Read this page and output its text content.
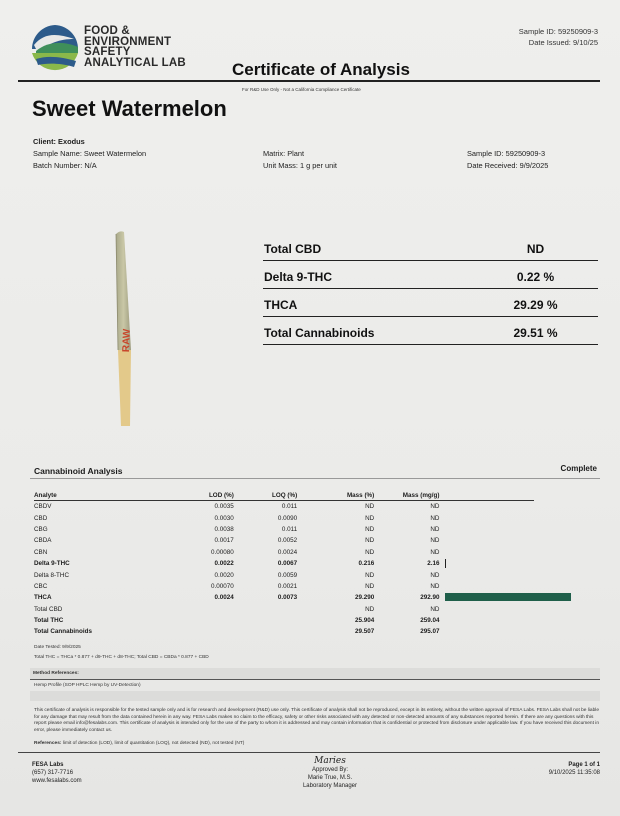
FOOD &
ENVIRONMENT
SAFETY
ANALYTICAL LAB
Sample ID: 59250909-3
Date Issued: 9/10/25
Certificate of Analysis
For R&D Use Only - Not a California Compliance Certificate
Sweet Watermelon
Client: Exodus
Sample Name: Sweet Watermelon
Batch Number: N/A
Matrix: Plant
Unit Mass: 1 g per unit
Sample ID: 59250909-3
Date Received: 9/9/2025
RAW
Total CBD	ND
Delta 9-THC	0.22 %
THCA	29.29 %
Total Cannabinoids	29.51 %
Cannabinoid Analysis	Complete
Analyte	LOD (%)	LOQ (%)	Mass (%)	Mass (mg/g)	
CBDV	0.0035	0.011	ND	ND	
CBD	0.0030	0.0090	ND	ND	
CBG	0.0038	0.011	ND	ND	
CBDA	0.0017	0.0052	ND	ND	
CBN	0.00080	0.0024	ND	ND	
Delta 9-THC	0.0022	0.0067	0.216	2.16	

Delta 8-THC	0.0020	0.0059	ND	ND	
CBC	0.00070	0.0021	ND	ND	
THCA	0.0024	0.0073	29.290	292.90	

Total CBD			ND	ND	
Total THC			25.904	259.04	
Total Cannabinoids			29.507	295.07	
Date Tested: 9/9/2025
Total THC = THCa * 0.877 + d9-THC + d8-THC; Total CBD = CBDa * 0.877 + CBD
Method References:
Hemp Profile (SOP HPLC Hemp by UV-Detection)
This certificate of analysis is responsible for the tested sample only and is for research and development (R&D) use only. This certificate of analysis shall not be reproduced, except in its entirety, without the written approval of FESA Labs. FESA Labs shall not be liable for any damage that may result from the data contained herein in any way. FESA Labs makes no claim to the efficacy, safety or other risks associated with any detected or non-detected amounts of any substances reported herein. If there are any questions with this report please email info@fesalabs.com. This certificate of analysis is intended only for the use of the party to whom it is addressed and may contain information that is confidential or protected from disclosure under applicable law. If you have received this document in error, please immediately contact us.
References: limit of detection (LOD), limit of quantitation (LOQ), not detected (ND), not tested (NT)
FESA Labs
(657) 317-7716
www.fesalabs.com
Maries
Approved By:
Marie True, M.S.
Laboratory Manager
Page 1 of 1
9/10/2025 11:35:08
